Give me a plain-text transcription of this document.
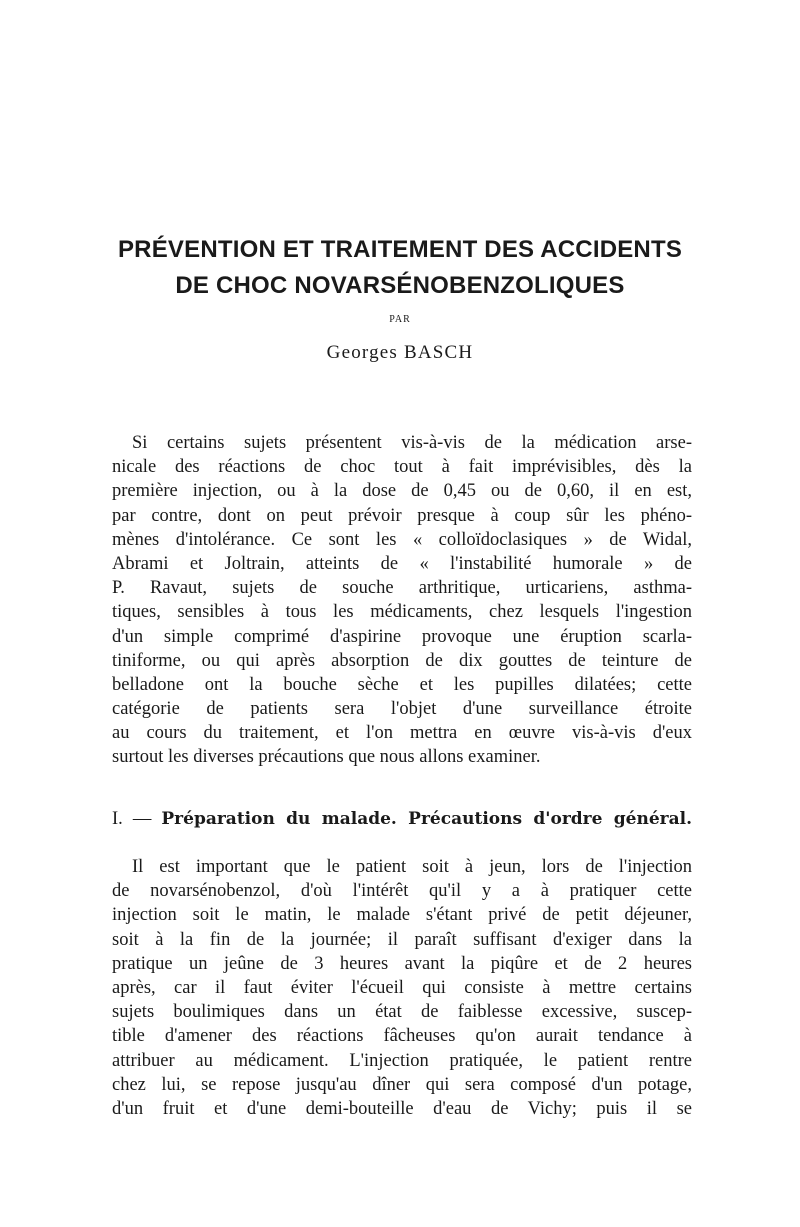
PRÉVENTION ET TRAITEMENT DES ACCIDENTS
DE CHOC NOVARSÉNOBENZOLIQUES
PAR
Georges BASCH
Si certains sujets présentent vis-à-vis de la médication arse-
nicale des réactions de choc tout à fait imprévisibles, dès la
première injection, ou à la dose de 0,45 ou de 0,60, il en est,
par contre, dont on peut prévoir presque à coup sûr les phéno-
mènes d'intolérance. Ce sont les « colloïdoclasiques » de Widal,
Abrami et Joltrain, atteints de « l'instabilité humorale » de
P. Ravaut, sujets de souche arthritique, urticariens, asthma-
tiques, sensibles à tous les médicaments, chez lesquels l'ingestion
d'un simple comprimé d'aspirine provoque une éruption scarla-
tiniforme, ou qui après absorption de dix gouttes de teinture de
belladone ont la bouche sèche et les pupilles dilatées; cette
catégorie de patients sera l'objet d'une surveillance étroite
au cours du traitement, et l'on mettra en œuvre vis-à-vis d'eux
surtout les diverses précautions que nous allons examiner.
I. — Préparation du malade. Précautions d'ordre général.
Il est important que le patient soit à jeun, lors de l'injection
de novarsénobenzol, d'où l'intérêt qu'il y a à pratiquer cette
injection soit le matin, le malade s'étant privé de petit déjeuner,
soit à la fin de la journée; il paraît suffisant d'exiger dans la
pratique un jeûne de 3 heures avant la piqûre et de 2 heures
après, car il faut éviter l'écueil qui consiste à mettre certains
sujets boulimiques dans un état de faiblesse excessive, suscep-
tible d'amener des réactions fâcheuses qu'on aurait tendance à
attribuer au médicament. L'injection pratiquée, le patient rentre
chez lui, se repose jusqu'au dîner qui sera composé d'un potage,
d'un fruit et d'une demi-bouteille d'eau de Vichy; puis il se
